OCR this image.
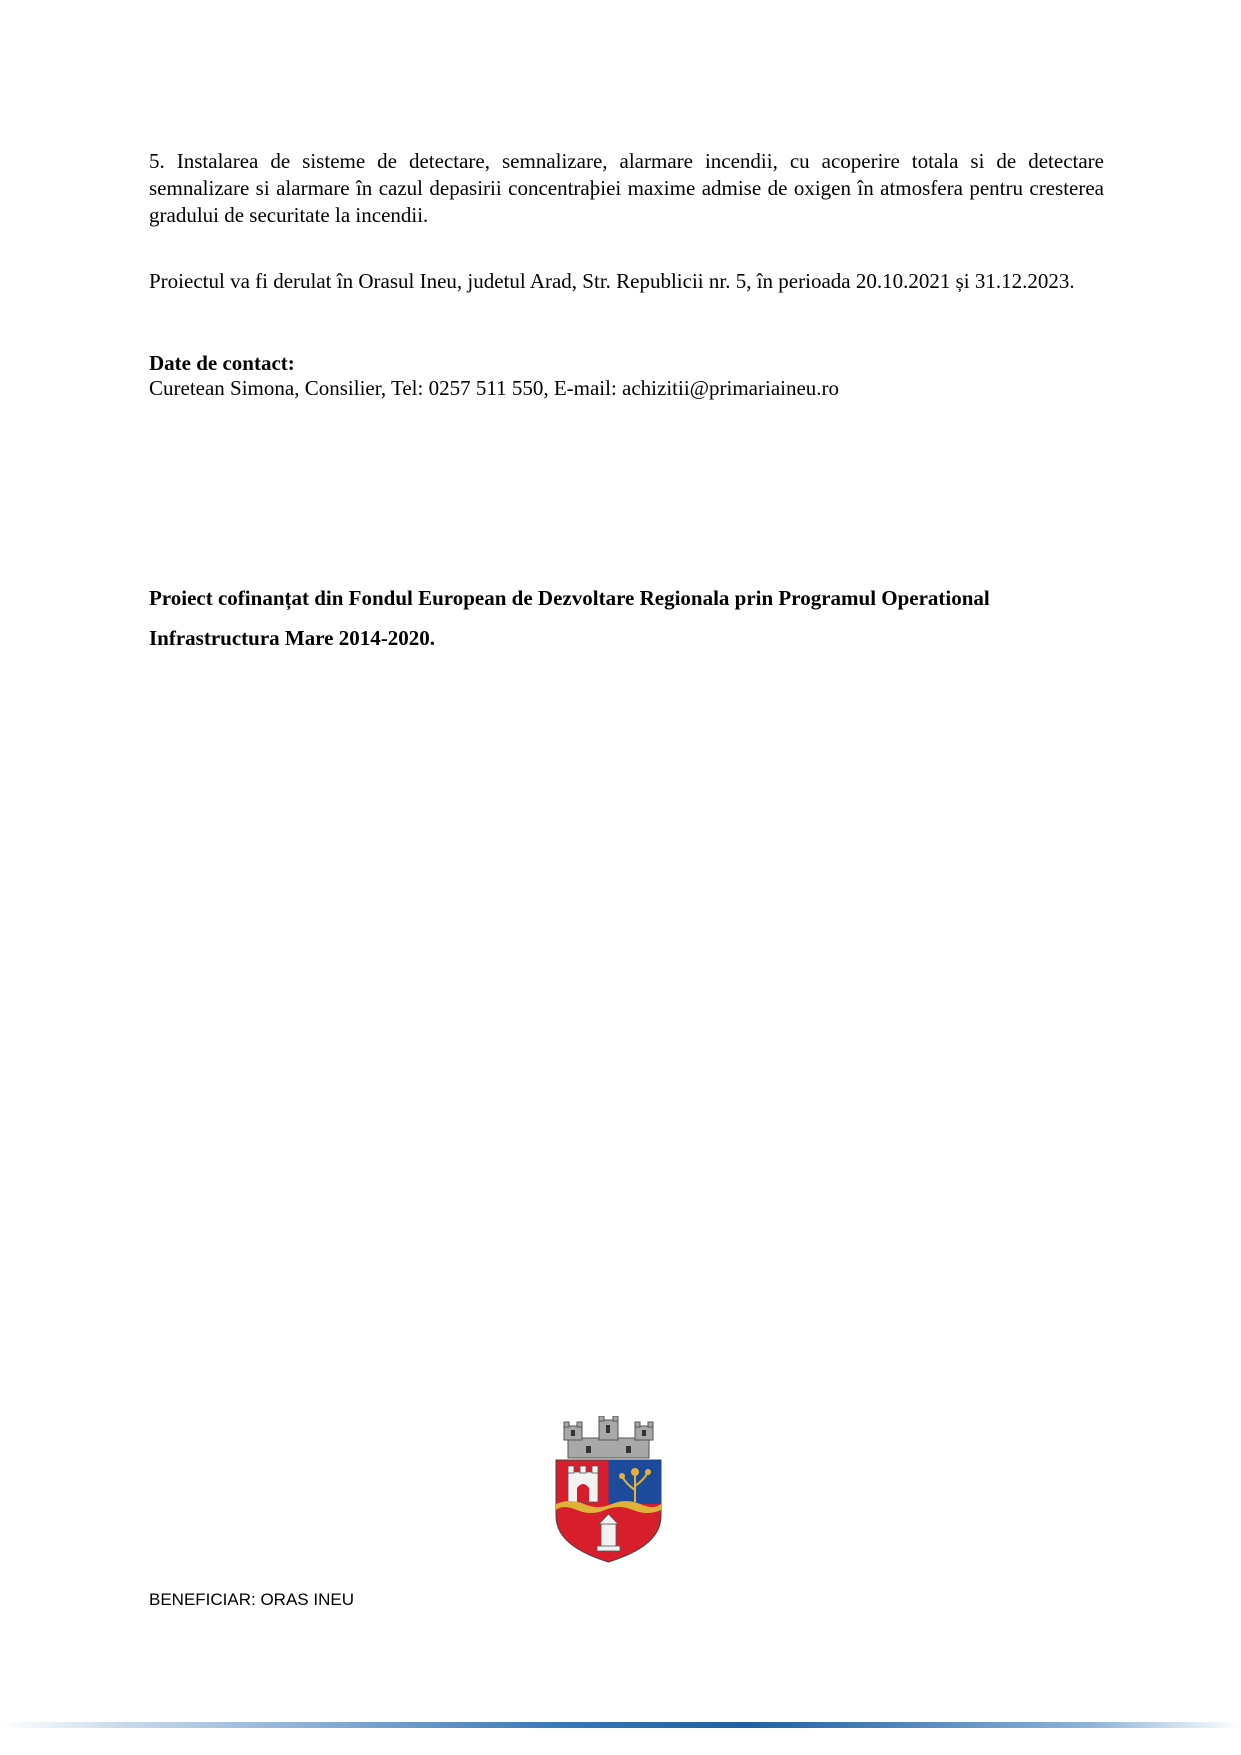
5. Instalarea de sisteme de detectare, semnalizare, alarmare incendii, cu acoperire totala si de detectare semnalizare si alarmare în cazul depasirii concentraþiei maxime admise de oxigen în atmosfera pentru cresterea gradului de securitate la incendii.
Proiectul va fi derulat în Orasul Ineu, judetul Arad, Str. Republicii nr. 5, în perioada 20.10.2021 și 31.12.2023.
Date de contact:
Curetean Simona, Consilier, Tel: 0257 511 550, E-mail: achizitii@primariaineu.ro
Proiect cofinanțat din Fondul European de Dezvoltare Regionala prin Programul Operational Infrastructura Mare 2014-2020.
BENEFICIAR: ORAS INEU
